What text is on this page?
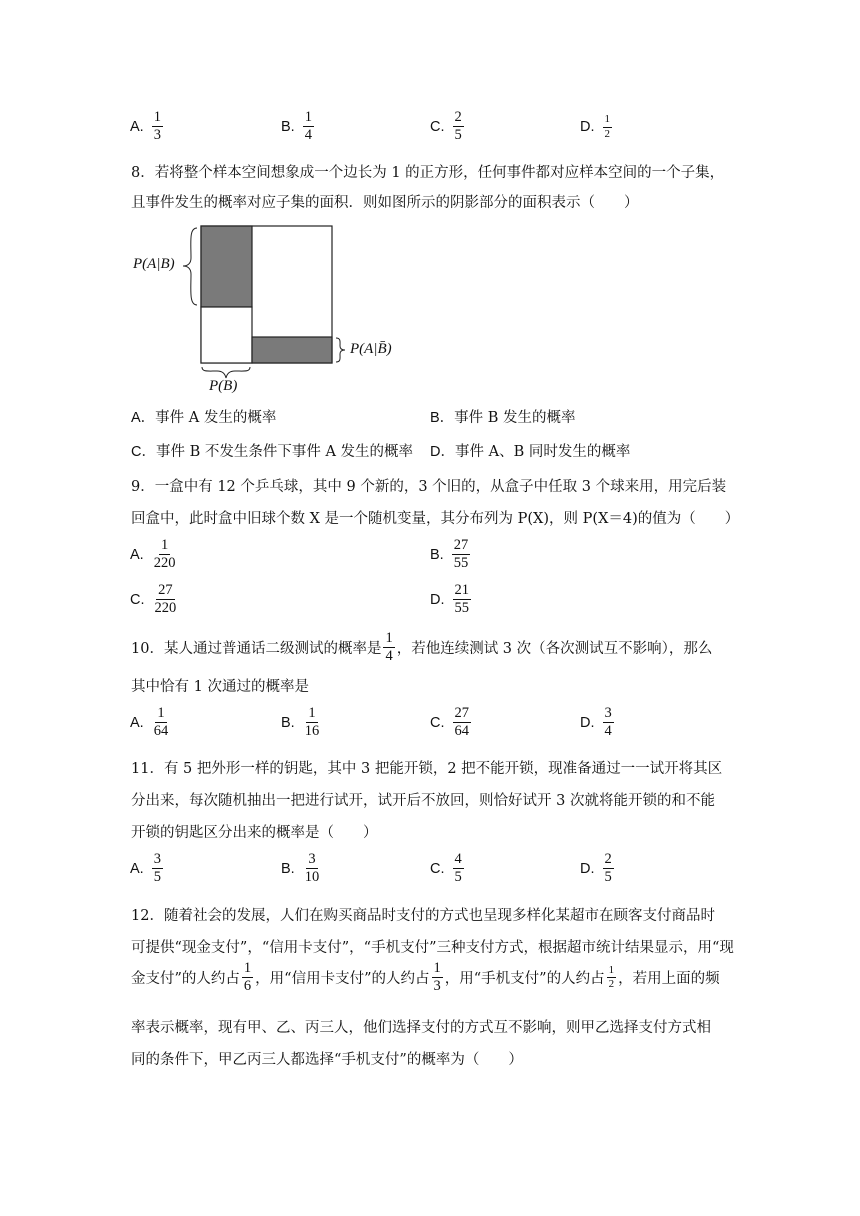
A. $\frac{1}{3}$	B. $\frac{1}{4}$	C. $\frac{2}{5}$	D. $\frac{1}{2}$
8．若将整个样本空间想象成一个边长为 1 的正方形，任何事件都对应样本空间的一个子集，
且事件发生的概率对应子集的面积．则如图所示的阴影部分的面积表示（　　）
P(A|B)
P(A|B̄)
P(B)
A．事件 A 发生的概率	B．事件 B 发生的概率
C．事件 B 不发生条件下事件 A 发生的概率 D．事件 A、B 同时发生的概率
9．一盒中有 12 个乒乓球，其中 9 个新的，3 个旧的，从盒子中任取 3 个球来用，用完后装
回盒中，此时盒中旧球个数 X 是一个随机变量，其分布列为 P(X)，则 P(X＝4)的值为（　　）
A. $\frac{1}{220}$	B. $\frac{27}{55}$
C. $\frac{27}{220}$	D. $\frac{21}{55}$
10．某人通过普通话二级测试的概率是 $\frac{1}{4}$ ，若他连续测试 3 次（各次测试互不影响），那么
其中恰有 1 次通过的概率是
A. $\frac{1}{64}$	B. $\frac{1}{16}$	C. $\frac{27}{64}$	D. $\frac{3}{4}$
11．有 5 把外形一样的钥匙，其中 3 把能开锁，2 把不能开锁，现准备通过一一试开将其区
分出来，每次随机抽出一把进行试开，试开后不放回，则恰好试开 3 次就将能开锁的和不能
开锁的钥匙区分出来的概率是（　　）
A. $\frac{3}{5}$	B. $\frac{3}{10}$	C. $\frac{4}{5}$	D. $\frac{2}{5}$
12．随着社会的发展，人们在购买商品时支付的方式也呈现多样化某超市在顾客支付商品时
可提供“现金支付”，“信用卡支付”，“手机支付”三种支付方式，根据超市统计结果显示，用“现
金支付”的人约占 $\frac{1}{6}$ ，用“信用卡支付”的人约占 $\frac{1}{3}$ ，用“手机支付”的人约占 $\frac{1}{2}$ ，若用上面的频
率表示概率，现有甲、乙、丙三人，他们选择支付的方式互不影响，则甲乙选择支付方式相
同的条件下，甲乙丙三人都选择“手机支付”的概率为（　　）
